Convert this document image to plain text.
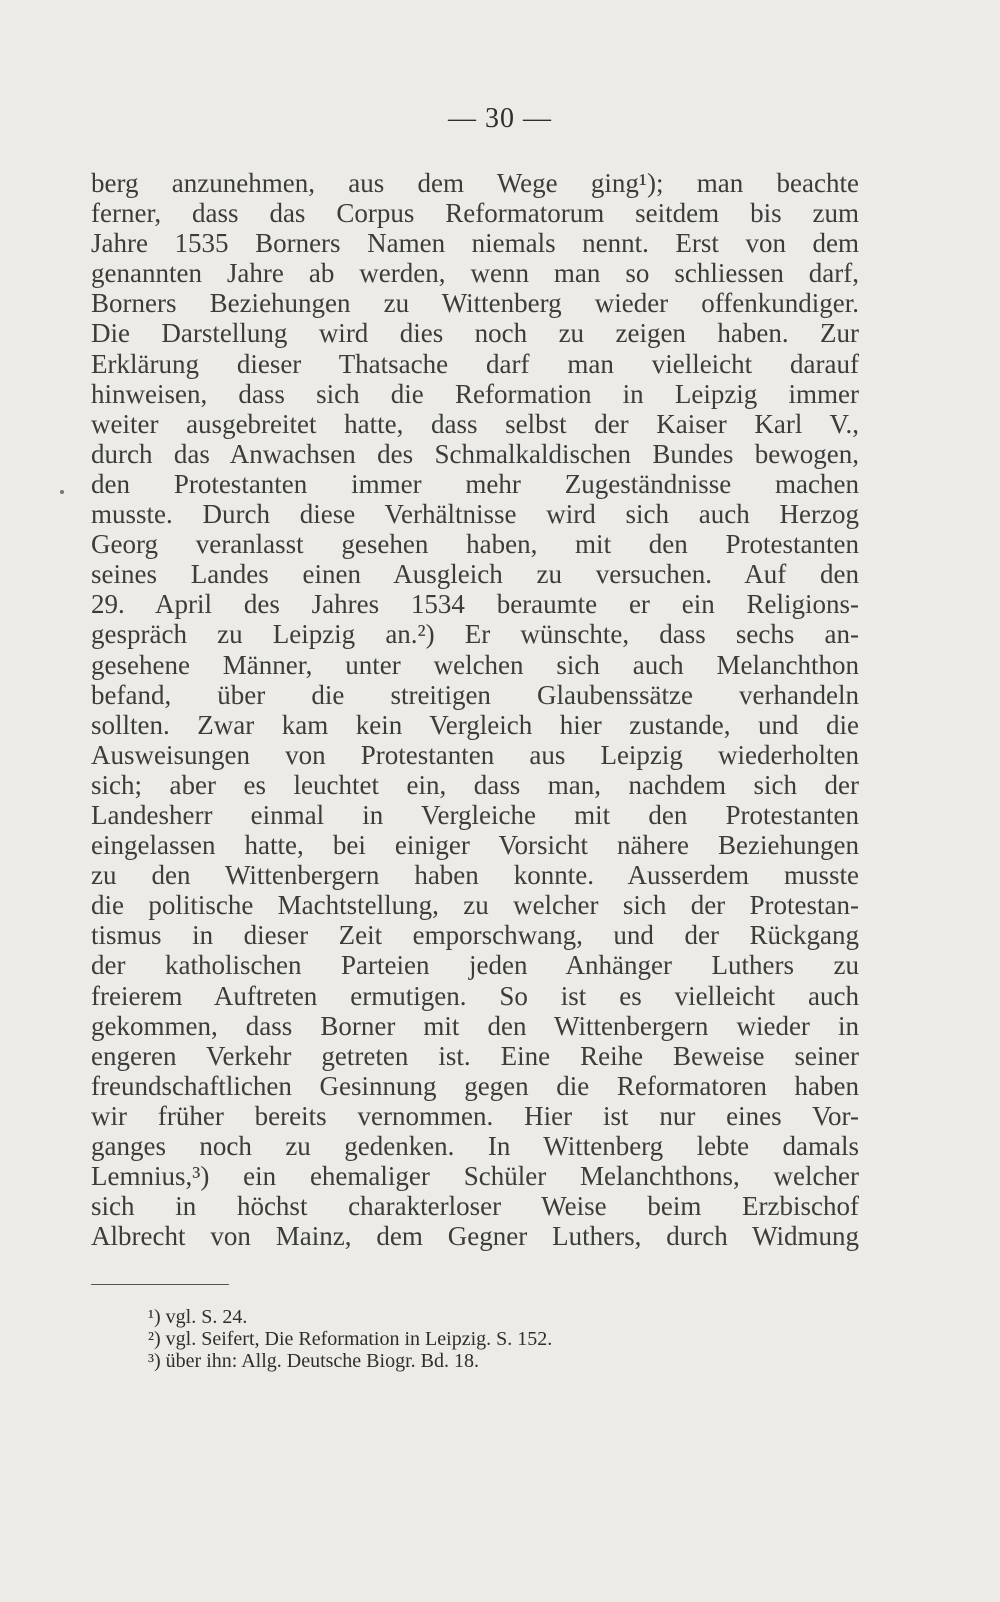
— 30 —
berg anzunehmen, aus dem Wege ging¹); man beachte
ferner, dass das Corpus Reformatorum seitdem bis zum
Jahre 1535 Borners Namen niemals nennt. Erst von dem
genannten Jahre ab werden, wenn man so schliessen darf,
Borners Beziehungen zu Wittenberg wieder offenkundiger.
Die Darstellung wird dies noch zu zeigen haben. Zur
Erklärung dieser Thatsache darf man vielleicht darauf
hinweisen, dass sich die Reformation in Leipzig immer
weiter ausgebreitet hatte, dass selbst der Kaiser Karl V.,
durch das Anwachsen des Schmalkaldischen Bundes bewogen,
den Protestanten immer mehr Zugeständnisse machen
musste. Durch diese Verhältnisse wird sich auch Herzog
Georg veranlasst gesehen haben, mit den Protestanten
seines Landes einen Ausgleich zu versuchen. Auf den
29. April des Jahres 1534 beraumte er ein Religions-
gespräch zu Leipzig an.²) Er wünschte, dass sechs an-
gesehene Männer, unter welchen sich auch Melanchthon
befand, über die streitigen Glaubenssätze verhandeln
sollten. Zwar kam kein Vergleich hier zustande, und die
Ausweisungen von Protestanten aus Leipzig wiederholten
sich; aber es leuchtet ein, dass man, nachdem sich der
Landesherr einmal in Vergleiche mit den Protestanten
eingelassen hatte, bei einiger Vorsicht nähere Beziehungen
zu den Wittenbergern haben konnte. Ausserdem musste
die politische Machtstellung, zu welcher sich der Protestan-
tismus in dieser Zeit emporschwang, und der Rückgang
der katholischen Parteien jeden Anhänger Luthers zu
freierem Auftreten ermutigen. So ist es vielleicht auch
gekommen, dass Borner mit den Wittenbergern wieder in
engeren Verkehr getreten ist. Eine Reihe Beweise seiner
freundschaftlichen Gesinnung gegen die Reformatoren haben
wir früher bereits vernommen. Hier ist nur eines Vor-
ganges noch zu gedenken. In Wittenberg lebte damals
Lemnius,³) ein ehemaliger Schüler Melanchthons, welcher
sich in höchst charakterloser Weise beim Erzbischof
Albrecht von Mainz, dem Gegner Luthers, durch Widmung
¹) vgl. S. 24.
²) vgl. Seifert, Die Reformation in Leipzig. S. 152.
³) über ihn: Allg. Deutsche Biogr. Bd. 18.
